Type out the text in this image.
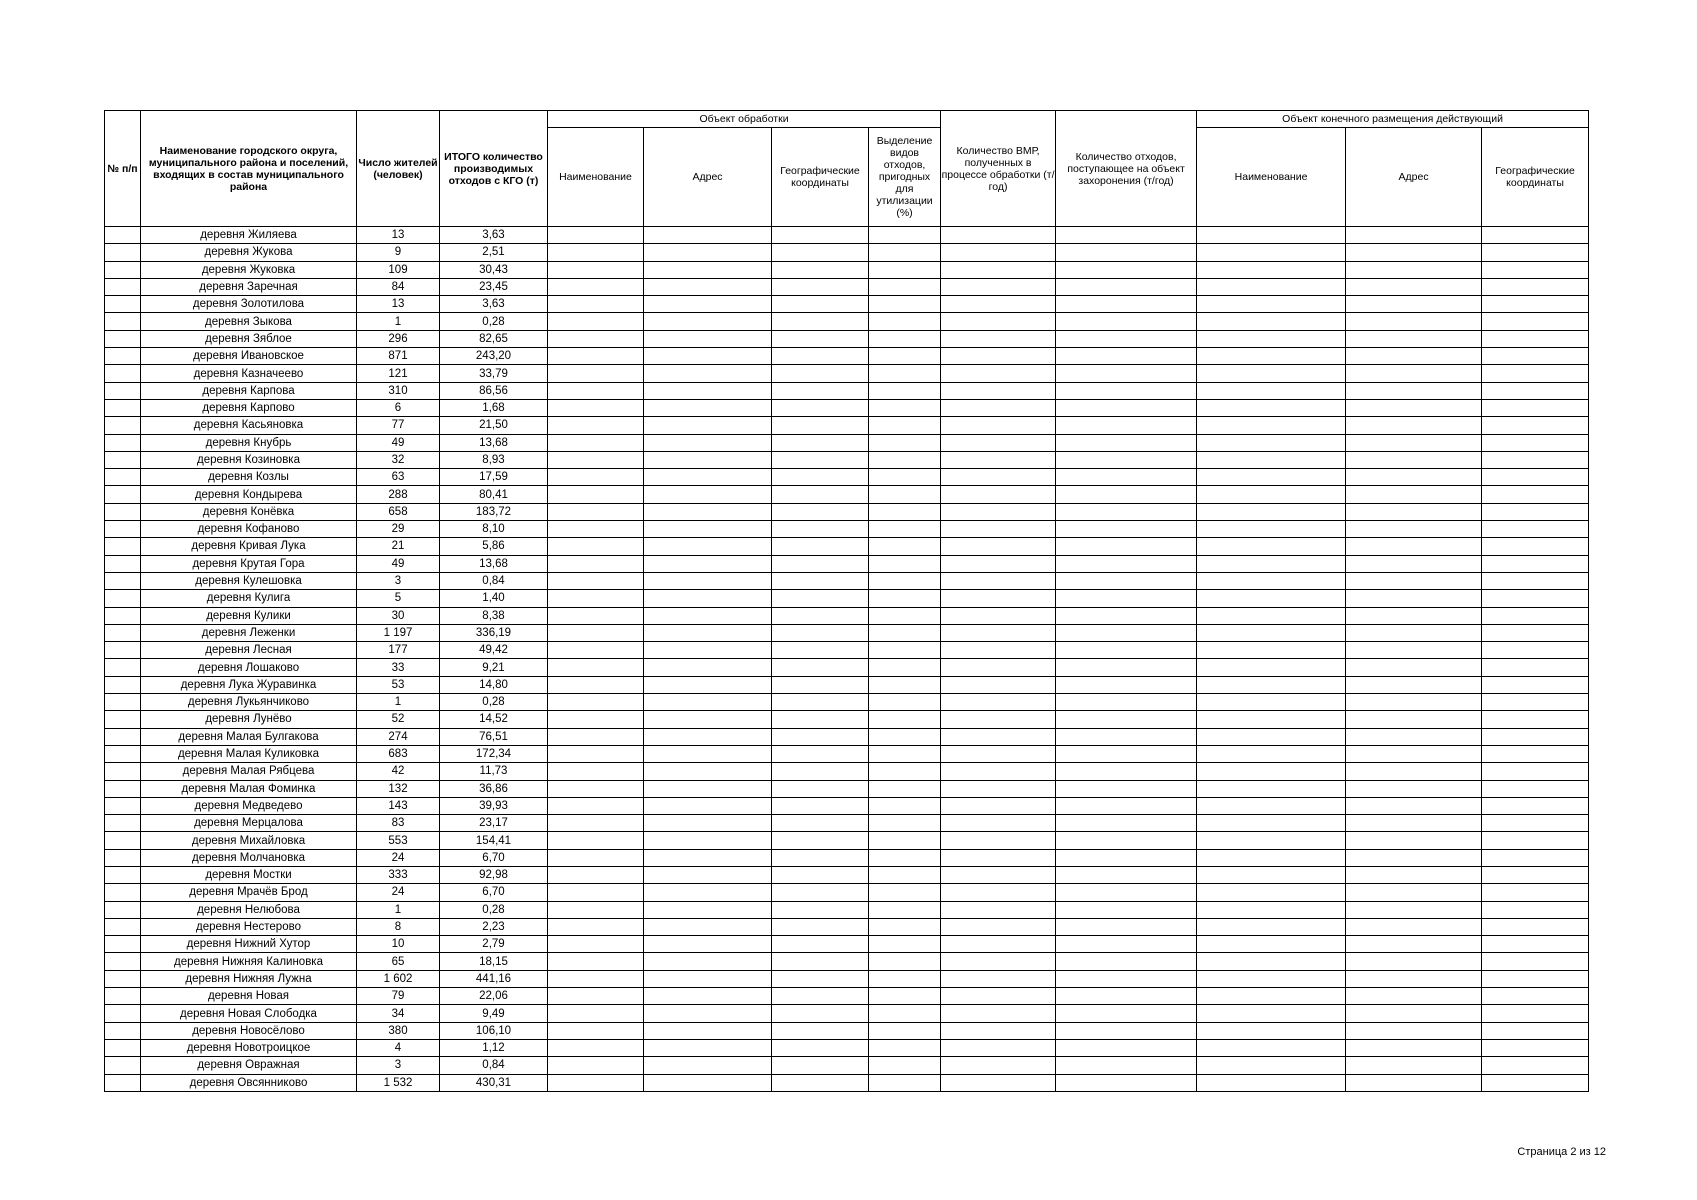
№ п/п	Наименование городского округа, муниципального района и поселений, входящих в состав муниципального района	Число жителей (человек)	ИТОГО количество производимых отходов с КГО (т)	Объект обработки				Количество ВМР, полученных в процессе обработки (т/год)	Количество отходов, поступающее на объект захоронения (т/год)	Объект конечного размещения действующий		
				Наименование	Адрес	Географические координаты	Выделение видов отходов, пригодных для утилизации (%)			Наименование	Адрес	Географические координаты
	деревня Жиляева	13	3,63									
	деревня Жукова	9	2,51									
	деревня Жуковка	109	30,43									
	деревня Заречная	84	23,45									
	деревня Золотилова	13	3,63									
	деревня Зыкова	1	0,28									
	деревня Зяблое	296	82,65									
	деревня Ивановское	871	243,20									
	деревня Казначеево	121	33,79									
	деревня Карпова	310	86,56									
	деревня Карпово	6	1,68									
	деревня Касьяновка	77	21,50									
	деревня Кнубрь	49	13,68									
	деревня Козиновка	32	8,93									
	деревня Козлы	63	17,59									
	деревня Кондырева	288	80,41									
	деревня Конёвка	658	183,72									
	деревня Кофаново	29	8,10									
	деревня Кривая Лука	21	5,86									
	деревня Крутая Гора	49	13,68									
	деревня Кулешовка	3	0,84									
	деревня Кулига	5	1,40									
	деревня Кулики	30	8,38									
	деревня Леженки	1 197	336,19									
	деревня Лесная	177	49,42									
	деревня Лошаково	33	9,21									
	деревня Лука Журавинка	53	14,80									
	деревня Лукьянчиково	1	0,28									
	деревня Лунёво	52	14,52									
	деревня Малая Булгакова	274	76,51									
	деревня Малая Куликовка	683	172,34									
	деревня Малая Рябцева	42	11,73									
	деревня Малая Фоминка	132	36,86									
	деревня Медведево	143	39,93									
	деревня Мерцалова	83	23,17									
	деревня Михайловка	553	154,41									
	деревня Молчановка	24	6,70									
	деревня Мостки	333	92,98									
	деревня Мрачёв Брод	24	6,70									
	деревня Нелюбова	1	0,28									
	деревня Нестерово	8	2,23									
	деревня Нижний Хутор	10	2,79									
	деревня Нижняя Калиновка	65	18,15									
	деревня Нижняя Лужна	1 602	441,16									
	деревня Новая	79	22,06									
	деревня Новая Слободка	34	9,49									
	деревня Новосёлово	380	106,10									
	деревня Новотроицкое	4	1,12									
	деревня Овражная	3	0,84									
	деревня Овсянниково	1 532	430,31									
Страница 2 из 12
